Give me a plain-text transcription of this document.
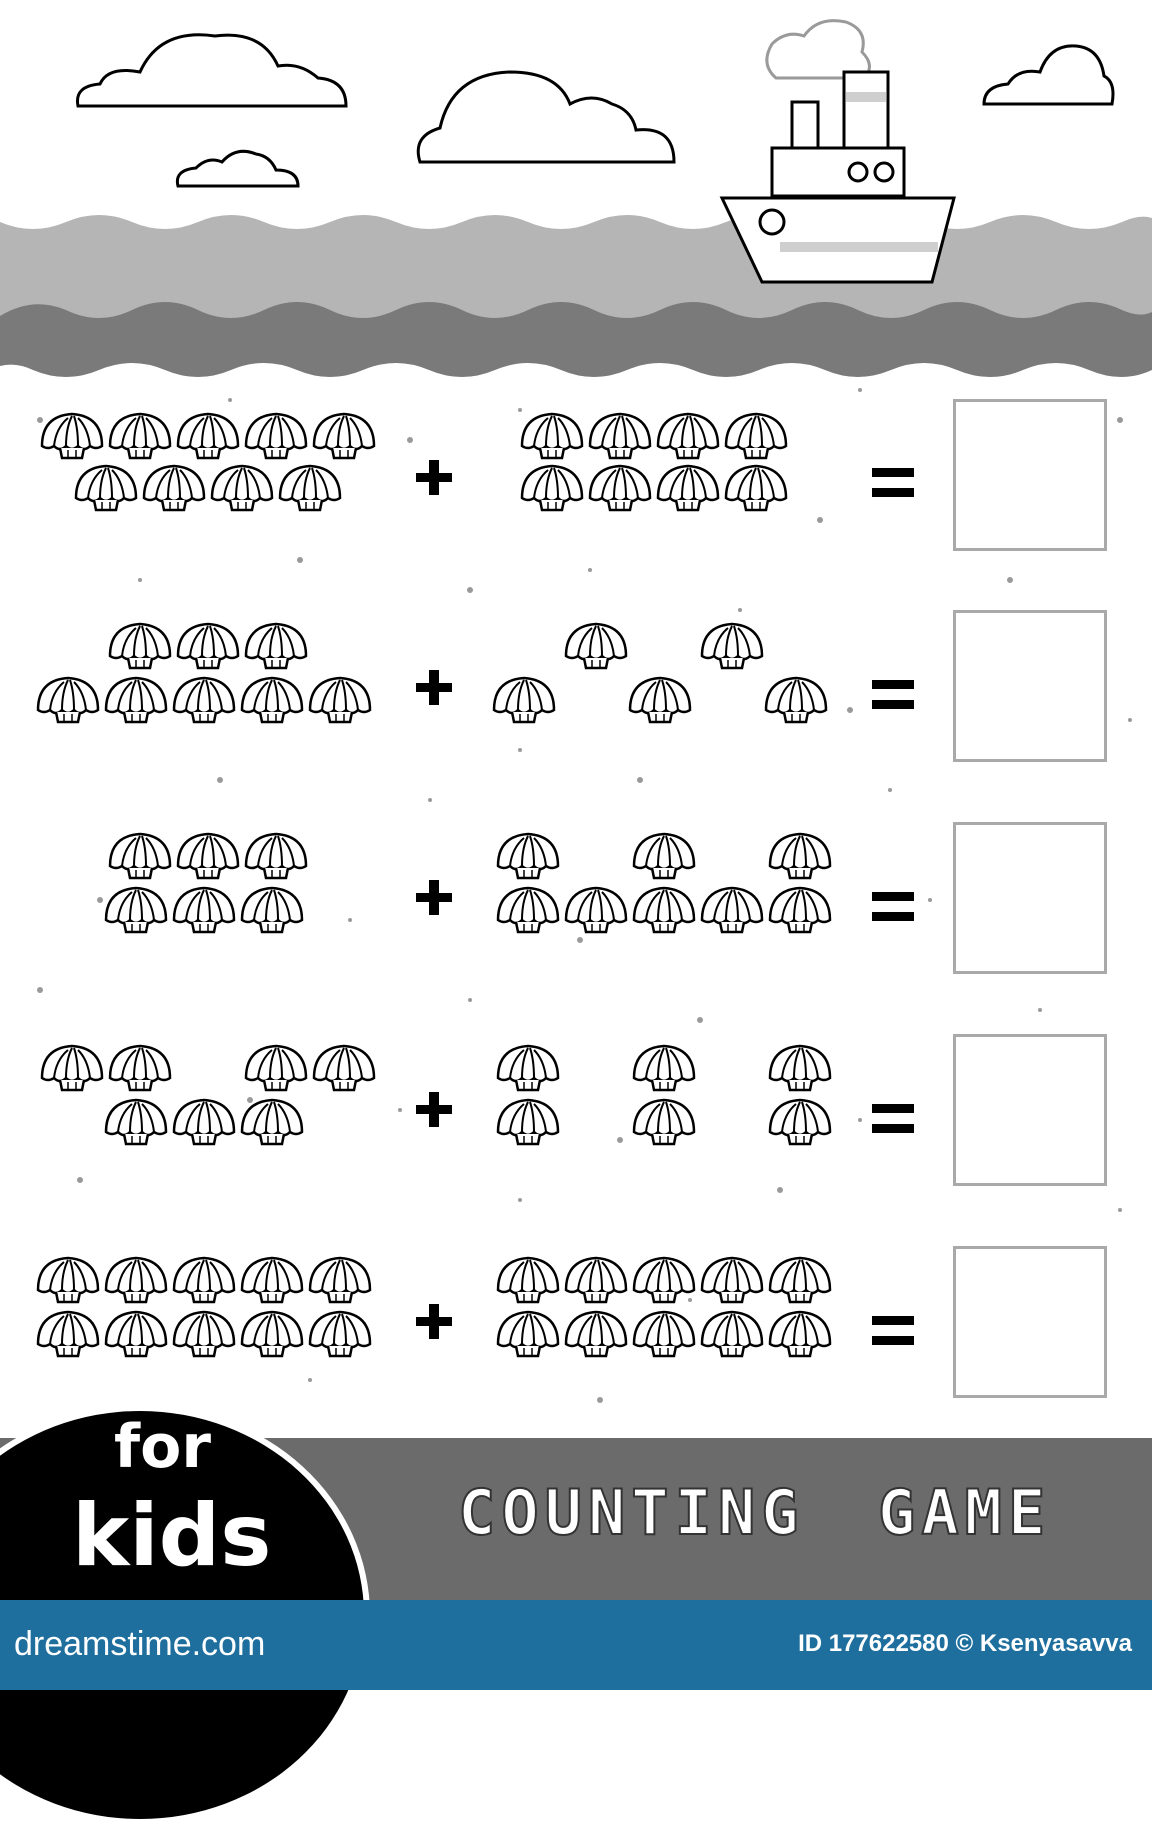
COUNTING GAME
for
kids
dreamstime.com	ID 177622580 © Ksenyasavva
